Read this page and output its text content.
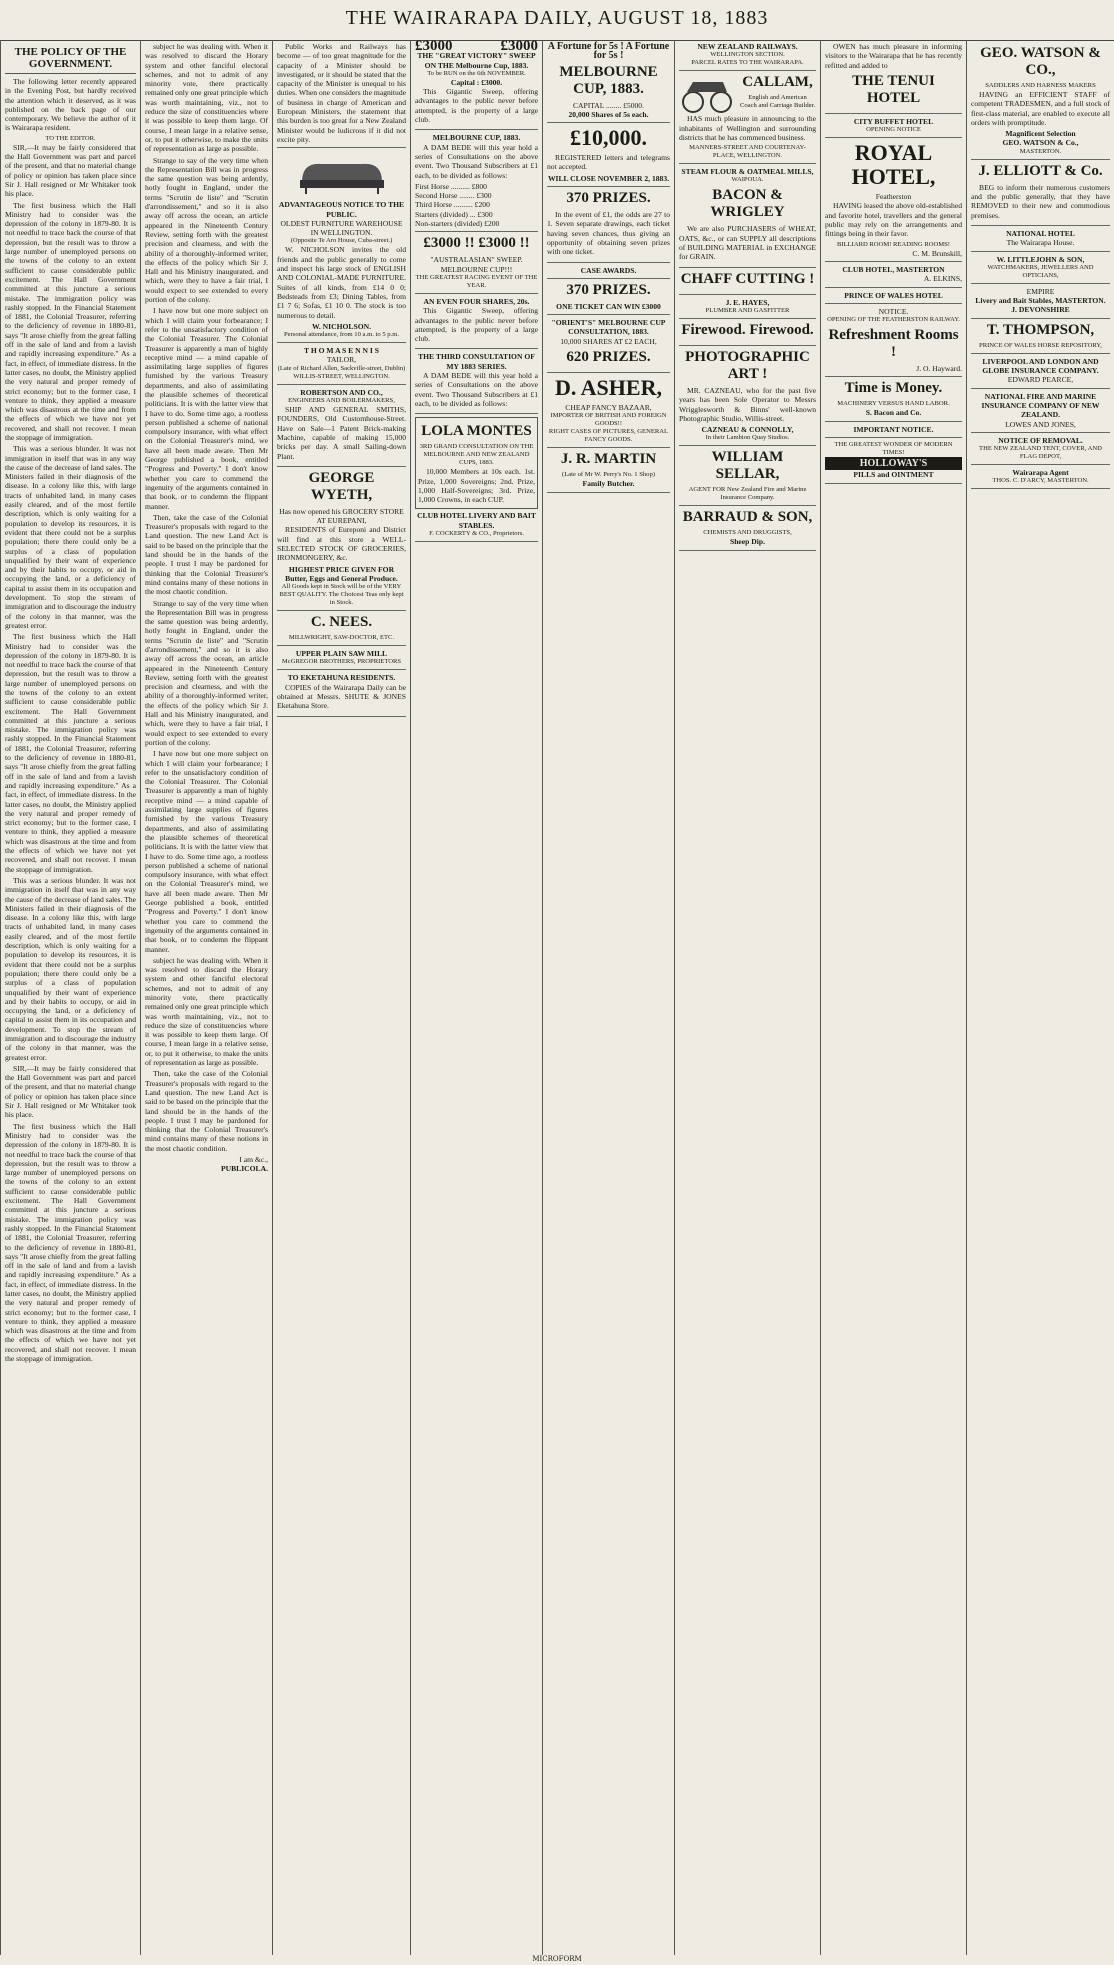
THE WAIRARAPA DAILY, AUGUST 18, 1883
THE POLICY OF THE GOVERNMENT.

The following letter recently appeared in the Evening Post, but hardly received the attention which it deserved, as it was published on the back page of our contemporary. We believe the author of it is Wairarapa resident.

TO THE EDITOR.

SIR,—It may be fairly considered that the Hall Government was part and parcel of the present, and that no material change of policy or opinion has taken place since Sir J. Hall resigned or Mr Whitaker took his place.

The first business which the Hall Ministry had to consider was the depression of the colony in 1879-80. It is not needful to trace back the course of that depression, but the result was to throw a large number of unemployed persons on the towns of the colony to an extent sufficient to cause considerable public excitement. The Hall Government committed at this juncture a serious mistake. The immigration policy was rashly stopped. In the Financial Statement of 1881, the Colonial Treasurer, referring to the deficiency of revenue in 1880-81, says "It arose chiefly from the great falling off in the sale of land and from a lavish and rapidly increasing expenditure." As a fact, in effect, of immediate distress. In the latter cases, no doubt, the Ministry applied the very natural and proper remedy of strict economy; but to the former case, I venture to think, they applied a measure which was disastrous at the time and from the effects of which we have not yet recovered, and shall not recover. I mean the stoppage of immigration.

This was a serious blunder. It was not immigration in itself that was in any way the cause of the decrease of land sales. The Ministers failed in their diagnosis of the disease. In a colony like this, with large tracts of unhabited land, in many cases easily cleared, and of the most fertile description, which is only waiting for a population to develop its resources, it is evident that there could not be a surplus population; there there could only be a surplus of a class of population unqualified by their want of experience and by their habits to occupy, or aid in occupying the land, or a deficiency of capital to assist them in its occupation and development. To stop the stream of immigration and to discourage the industry of the colony in that manner, was the greatest error.

The first business which the Hall Ministry had to consider was the depression of the colony in 1879-80. It is not needful to trace back the course of that depression, but the result was to throw a large number of unemployed persons on the towns of the colony to an extent sufficient to cause considerable public excitement. The Hall Government committed at this juncture a serious mistake. The immigration policy was rashly stopped. In the Financial Statement of 1881, the Colonial Treasurer, referring to the deficiency of revenue in 1880-81, says "It arose chiefly from the great falling off in the sale of land and from a lavish and rapidly increasing expenditure." As a fact, in effect, of immediate distress. In the latter cases, no doubt, the Ministry applied the very natural and proper remedy of strict economy; but to the former case, I venture to think, they applied a measure which was disastrous at the time and from the effects of which we have not yet recovered, and shall not recover. I mean the stoppage of immigration.

This was a serious blunder. It was not immigration in itself that was in any way the cause of the decrease of land sales. The Ministers failed in their diagnosis of the disease. In a colony like this, with large tracts of unhabited land, in many cases easily cleared, and of the most fertile description, which is only waiting for a population to develop its resources, it is evident that there could not be a surplus population; there there could only be a surplus of a class of population unqualified by their want of experience and by their habits to occupy, or aid in occupying the land, or a deficiency of capital to assist them in its occupation and development. To stop the stream of immigration and to discourage the industry of the colony in that manner, was the greatest error.

SIR,—It may be fairly considered that the Hall Government was part and parcel of the present, and that no material change of policy or opinion has taken place since Sir J. Hall resigned or Mr Whitaker took his place.

The first business which the Hall Ministry had to consider was the depression of the colony in 1879-80. It is not needful to trace back the course of that depression, but the result was to throw a large number of unemployed persons on the towns of the colony to an extent sufficient to cause considerable public excitement. The Hall Government committed at this juncture a serious mistake. The immigration policy was rashly stopped. In the Financial Statement of 1881, the Colonial Treasurer, referring to the deficiency of revenue in 1880-81, says "It arose chiefly from the great falling off in the sale of land and from a lavish and rapidly increasing expenditure." As a fact, in effect, of immediate distress. In the latter cases, no doubt, the Ministry applied the very natural and proper remedy of strict economy; but to the former case, I venture to think, they applied a measure which was disastrous at the time and from the effects of which we have not yet recovered, and shall not recover. I mean the stoppage of immigration.

subject he was dealing with. When it was resolved to discard the Horary system and other fanciful electoral schemes, and not to admit of any minority vote, there practically remained only one great principle which was worth maintaining, viz., not to reduce the size of constituencies where it was possible to keep them large. Of course, I mean large in a relative sense, or, to put it otherwise, to make the units of representation as large as possible.

Strange to say of the very time when the Representation Bill was in progress the same question was being ardently, hotly fought in England, under the terms "Scrutin de liste" and "Scrutin d'arrondissement," and so it is also away off across the ocean, an article appeared in the Nineteenth Century Review, setting forth with the greatest precision and clearness, and with the ability of a thoroughly-informed writer, the effects of the policy which Sir J. Hall and his Ministry inaugurated, and which, were they to have a fair trial, I would expect to see extended to every portion of the colony.

I have now but one more subject on which I will claim your forbearance; I refer to the unsatisfactory condition of the Colonial Treasurer. The Colonial Treasurer is apparently a man of highly receptive mind — a mind capable of assimilating large supplies of figures furnished by the various Treasury departments, and also of assimilating the plausible schemes of theoretical politicians. It is with the latter view that I have to do. Some time ago, a rootless person published a scheme of national compulsory insurance, with what effect on the Colonial Treasurer's mind, we have all been made aware. Then Mr George published a book, entitled "Progress and Poverty." I don't know whether you care to commend the ingenuity of the arguments contained in that book, or to condemn the flippant manner.

Then, take the case of the Colonial Treasurer's proposals with regard to the Land question. The new Land Act is said to be based on the principle that the land should be in the hands of the people. I trust I may be pardoned for thinking that the Colonial Treasurer's mind contains many of these notions in the most chaotic condition.

Strange to say of the very time when the Representation Bill was in progress the same question was being ardently, hotly fought in England, under the terms "Scrutin de liste" and "Scrutin d'arrondissement," and so it is also away off across the ocean, an article appeared in the Nineteenth Century Review, setting forth with the greatest precision and clearness, and with the ability of a thoroughly-informed writer, the effects of the policy which Sir J. Hall and his Ministry inaugurated, and which, were they to have a fair trial, I would expect to see extended to every portion of the colony.

I have now but one more subject on which I will claim your forbearance; I refer to the unsatisfactory condition of the Colonial Treasurer. The Colonial Treasurer is apparently a man of highly receptive mind — a mind capable of assimilating large supplies of figures furnished by the various Treasury departments, and also of assimilating the plausible schemes of theoretical politicians. It is with the latter view that I have to do. Some time ago, a rootless person published a scheme of national compulsory insurance, with what effect on the Colonial Treasurer's mind, we have all been made aware. Then Mr George published a book, entitled "Progress and Poverty." I don't know whether you care to commend the ingenuity of the arguments contained in that book, or to condemn the flippant manner.

subject he was dealing with. When it was resolved to discard the Horary system and other fanciful electoral schemes, and not to admit of any minority vote, there practically remained only one great principle which was worth maintaining, viz., not to reduce the size of constituencies where it was possible to keep them large. Of course, I mean large in a relative sense, or, to put it otherwise, to make the units of representation as large as possible.

Then, take the case of the Colonial Treasurer's proposals with regard to the Land question. The new Land Act is said to be based on the principle that the land should be in the hands of the people. I trust I may be pardoned for thinking that the Colonial Treasurer's mind contains many of these notions in the most chaotic condition.

I am &c.,
PUBLICOLA.

Public Works and Railways has become — of too great magnitude for the capacity of a Minister should be investigated, or it should be stated that the capacity of the Minister is unequal to his duties. When one considers the magnitude of business in charge of American and European Ministers, the statement that this burden is too great for a New Zealand Minister would be ludicrous if it did not excite pity.

ADVANTAGEOUS NOTICE TO THE PUBLIC.
OLDEST FURNITURE WAREHOUSE IN WELLINGTON.
(Opposite Te Aro House, Cuba-street.)

W. NICHOLSON invites the old friends and the public generally to come and inspect his large stock of ENGLISH AND COLONIAL-MADE FURNITURE. Suites of all kinds, from £14 0 0; Bedsteads from £3; Dining Tables, from £1 7 6; Sofas, £1 10 0. The stock is too numerous to detail.

W. NICHOLSON.
Personal attendance, from 10 a.m. to 5 p.m.
T H O M A S E N N I S
TAILOR,
(Late of Richard Allen, Sackville-street, Dublin)
WILLIS-STREET, WELLINGTON.
ROBERTSON AND CO.,
ENGINEERS AND BOILERMAKERS,

SHIP AND GENERAL SMITHS, FOUNDERS, Old Customhouse-Street. Have on Sale—1 Patent Brick-making Machine, capable of making 15,000 bricks per day. A small Sailing-down Plant.

GEORGE WYETH,
Has now opened his GROCERY STORE AT EUREPANI,

RESIDENTS of Eureponi and District will find at this store a WELL-SELECTED STOCK OF GROCERIES, IRONMONGERY, &c.

HIGHEST PRICE GIVEN FOR Butter, Eggs and General Produce.
All Goods kept in Stock will be of the VERY BEST QUALITY. The Choicest Teas only kept in Stock.
C. NEES.
MILLWRIGHT, SAW-DOCTOR, ETC.
UPPER PLAIN SAW MILL
McGREGOR BROTHERS, PROPRIETORS
TO EKETAHUNA RESIDENTS.

COPIES of the Wairarapa Daily can be obtained at Messrs. SHUTE & JONES Eketahuna Store.

£3000	£3000
THE "GREAT VICTORY" SWEEP ON THE Melbourne Cup, 1883.
To be RUN on the 6th NOVEMBER.
Capital : £3000.

This Gigantic Sweep, offering advantages to the public never before attempted, is the property of a large club.

MELBOURNE CUP, 1883.

A DAM BEDE will this year hold a series of Consultations on the above event. Two Thousand Subscribers at £1 each, to be divided as follows:

First Horse .......... £800
Second Horse ........ £300
Third Horse .......... £200
Starters (divided) ... £300
Non-starters (divided) £200
£3000 !! £3000 !!
"AUSTRALASIAN" SWEEP. MELBOURNE CUP!!!
THE GREATEST RACING EVENT OF THE YEAR.
AN EVEN FOUR SHARES, 20s.

This Gigantic Sweep, offering advantages to the public never before attempted, is the property of a large club.

THE THIRD CONSULTATION OF MY 1883 SERIES.

A DAM BEDE will this year hold a series of Consultations on the above event. Two Thousand Subscribers at £1 each, to be divided as follows:

LOLA MONTES
3RD GRAND CONSULTATION ON THE MELBOURNE AND NEW ZEALAND CUPS, 1883.

10,000 Members at 10s each. 1st. Prize, 1,000 Sovereigns; 2nd. Prize, 1,000 Half-Sovereigns; 3rd. Prize, 1,000 Crowns, in each CUP.

CLUB HOTEL LIVERY AND BAIT STABLES.
F. COCKERTY & CO., Proprietors.
A Fortune for 5s ! A Fortune for 5s !
MELBOURNE CUP, 1883.
CAPITAL ........ £5000.
20,000 Shares of 5s each.
£10,000.

REGISTERED letters and telegrams not accepted.

WILL CLOSE NOVEMBER 2, 1883.
370 PRIZES.

In the event of £1, the odds are 27 to 1. Seven separate drawings, each ticket having seven chances, thus giving an opportunity of obtaining seven prizes with one ticket.

CASE AWARDS.
370 PRIZES.
ONE TICKET CAN WIN £3000
"ORIENT'S" MELBOURNE CUP CONSULTATION, 1883.
10,000 SHARES AT £2 EACH,
620 PRIZES.
D. ASHER,
CHEAP FANCY BAZAAR,
IMPORTER OF BRITISH AND FOREIGN GOODS!!
RIGHT CASES OF PICTURES, GENERAL FANCY GOODS.
J. R. MARTIN
(Late of Mr W. Perry's No. 1 Shop)
Family Butcher.
NEW ZEALAND RAILWAYS.
WELLINGTON SECTION.
PARCEL RATES TO THE WAIRARAPA.
CALLAM,
English and American Coach and Carriage Builder.

HAS much pleasure in announcing to the inhabitants of Wellington and surrounding districts that he has commenced business.

MANNERS-STREET AND COURTENAY-PLACE, WELLINGTON.
STEAM FLOUR & OATMEAL MILLS,
WAIPOUA.
BACON & WRIGLEY

We are also PURCHASERS of WHEAT, OATS, &c., or can SUPPLY all descriptions of BUILDING MATERIAL in EXCHANGE for GRAIN.

CHAFF CUTTING !
J. E. HAYES,
PLUMBER AND GASFITTER
Firewood. Firewood.
PHOTOGRAPHIC ART !

MR. CAZNEAU, who for the past five years has been Sole Operator to Messrs Wrigglesworth & Binns' well-known Photographic Studio, Willis-street.

CAZNEAU & CONNOLLY,
In their Lambton Quay Studios.
WILLIAM SELLAR,
AGENT FOR New Zealand Fire and Marine Insurance Company.
BARRAUD & SON,
CHEMISTS AND DRUGGISTS,
Sheep Dip.

OWEN has much pleasure in informing visitors to the Wairarapa that he has recently refitted and added to

THE TENUI HOTEL
CITY BUFFET HOTEL
OPENING NOTICE
ROYAL HOTEL,
Featherston

HAVING leased the above old-established and favorite hotel, travellers and the general public may rely on the arrangements and fittings being in their favor.

BILLIARD ROOM! READING ROOMS!
C. M. Brunskill,
CLUB HOTEL, MASTERTON
A. ELKINS,
PRINCE OF WALES HOTEL
NOTICE.
OPENING OF THE FEATHERSTON RAILWAY.
Refreshment Rooms !
J. O. Hayward.
Time is Money.
MACHINERY VERSUS HAND LABOR.
S. Bacon and Co.
IMPORTANT NOTICE.
THE GREATEST WONDER OF MODERN TIMES!
HOLLOWAY'S
PILLS and OINTMENT
GEO. WATSON & CO.,
SADDLERS AND HARNESS MAKERS

HAVING an EFFICIENT STAFF of competent TRADESMEN, and a full stock of first-class material, are enabled to execute all orders with promptitude.

Magnificent Selection
GEO. WATSON & Co.,
MASTERTON.
J. ELLIOTT & Co.

BEG to inform their numerous customers and the public generally, that they have REMOVED to their new and commodious premises.

NATIONAL HOTEL
The Wairarapa House.
W. LITTLEJOHN & SON,
WATCHMAKERS, JEWELLERS AND OPTICIANS,
EMPIRE
Livery and Bait Stables, MASTERTON.
J. DEVONSHIRE
T. THOMPSON,
PRINCE OF WALES HORSE REPOSITORY,
LIVERPOOL AND LONDON AND GLOBE INSURANCE COMPANY.
EDWARD PEARCE,
NATIONAL FIRE AND MARINE INSURANCE COMPANY OF NEW ZEALAND.
LOWES AND JONES,
NOTICE OF REMOVAL.
THE NEW ZEALAND TENT, COVER, AND FLAG DEPOT,
Wairarapa Agent
THOS. C. D'ARCY, MASTERTON.
MICROFORM
